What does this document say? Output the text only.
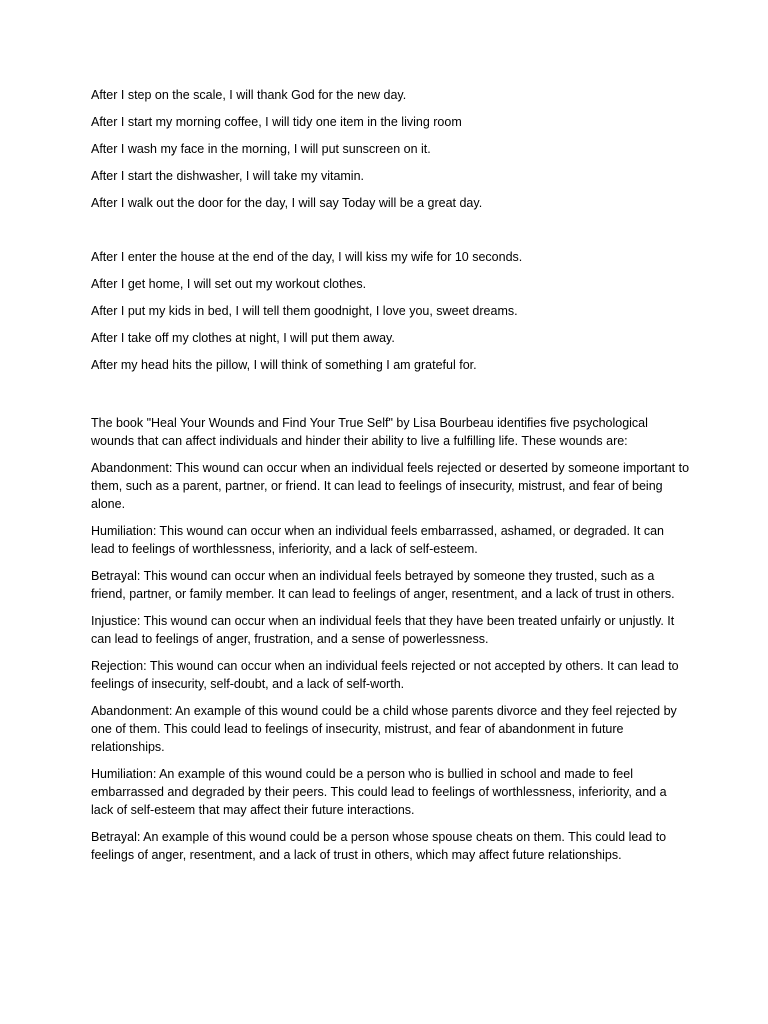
After I step on the scale, I will thank God for the new day.

After I start my morning coffee, I will tidy one item in the living room

After I wash my face in the morning, I will put sunscreen on it.

After I start the dishwasher, I will take my vitamin.

After I walk out the door for the day, I will say Today will be a great day.

After I enter the house at the end of the day, I will kiss my wife for 10 seconds.

After I get home, I will set out my workout clothes.

After I put my kids in bed, I will tell them goodnight, I love you, sweet dreams.

After I take off my clothes at night, I will put them away.

After my head hits the pillow, I will think of something I am grateful for.

The book "Heal Your Wounds and Find Your True Self" by Lisa Bourbeau identifies five psychological wounds that can affect individuals and hinder their ability to live a fulfilling life. These wounds are:

Abandonment: This wound can occur when an individual feels rejected or deserted by someone important to them, such as a parent, partner, or friend. It can lead to feelings of insecurity, mistrust, and fear of being alone.

Humiliation: This wound can occur when an individual feels embarrassed, ashamed, or degraded. It can lead to feelings of worthlessness, inferiority, and a lack of self-esteem.

Betrayal: This wound can occur when an individual feels betrayed by someone they trusted, such as a friend, partner, or family member. It can lead to feelings of anger, resentment, and a lack of trust in others.

Injustice: This wound can occur when an individual feels that they have been treated unfairly or unjustly. It can lead to feelings of anger, frustration, and a sense of powerlessness.

Rejection: This wound can occur when an individual feels rejected or not accepted by others. It can lead to feelings of insecurity, self-doubt, and a lack of self-worth.

Abandonment: An example of this wound could be a child whose parents divorce and they feel rejected by one of them. This could lead to feelings of insecurity, mistrust, and fear of abandonment in future relationships.

Humiliation: An example of this wound could be a person who is bullied in school and made to feel embarrassed and degraded by their peers. This could lead to feelings of worthlessness, inferiority, and a lack of self-esteem that may affect their future interactions.

Betrayal: An example of this wound could be a person whose spouse cheats on them. This could lead to feelings of anger, resentment, and a lack of trust in others, which may affect future relationships.
